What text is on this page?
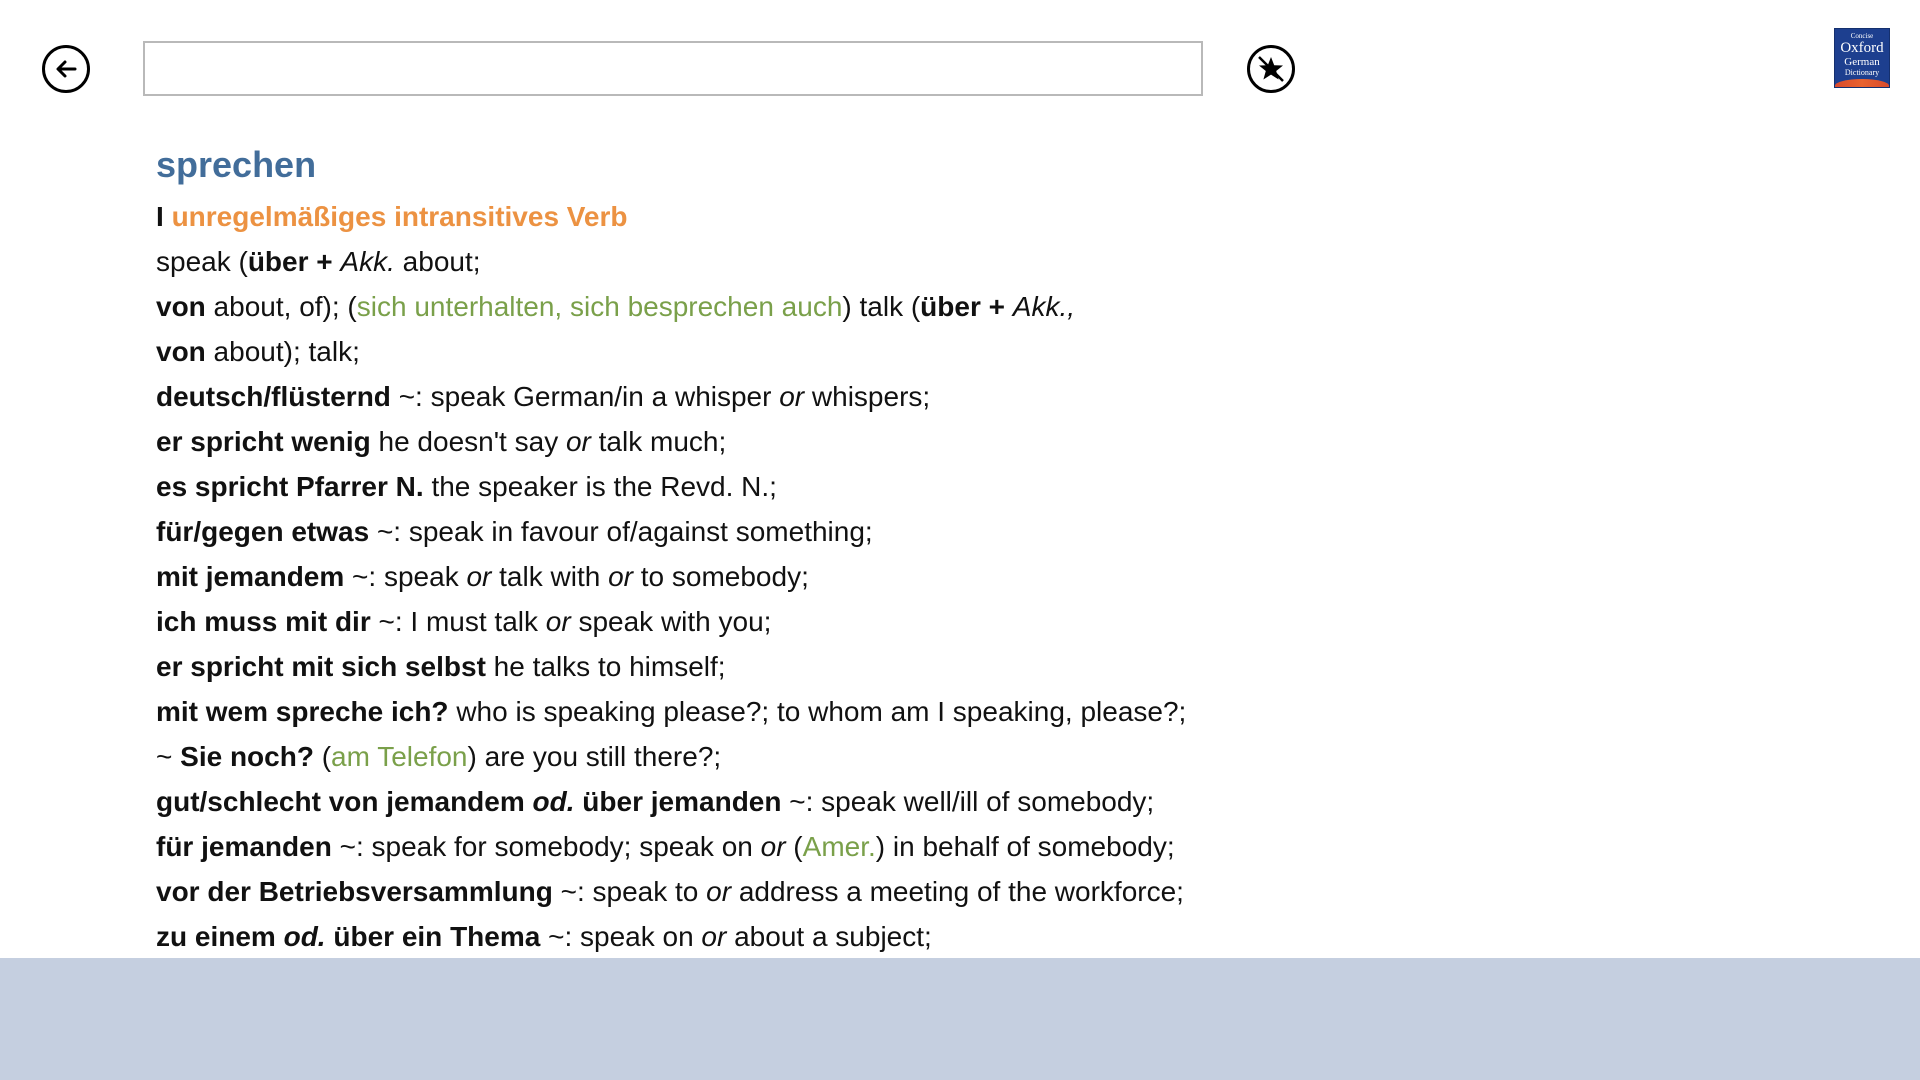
Concise
Oxford
German
Dictionary
sprechen
I unregelmäßiges intransitives Verb
speak (über + Akk. about;
von about, of); (sich unterhalten, sich besprechen auch) talk (über + Akk.,
von about); talk;
deutsch/flüsternd ~: speak German/in a whisper or whispers;
er spricht wenig he doesn't say or talk much;
es spricht Pfarrer N. the speaker is the Revd. N.;
für/gegen etwas ~: speak in favour of/against something;
mit jemandem ~: speak or talk with or to somebody;
ich muss mit dir ~: I must talk or speak with you;
er spricht mit sich selbst he talks to himself;
mit wem spreche ich? who is speaking please?; to whom am I speaking, please?;
~ Sie noch? (am Telefon) are you still there?;
gut/schlecht von jemandem od. über jemanden ~: speak well/ill of somebody;
für jemanden ~: speak for somebody; speak on or (Amer.) in behalf of somebody;
vor der Betriebsversammlung ~: speak to or address a meeting of the workforce;
zu einem od. über ein Thema ~: speak on or about a subject;
